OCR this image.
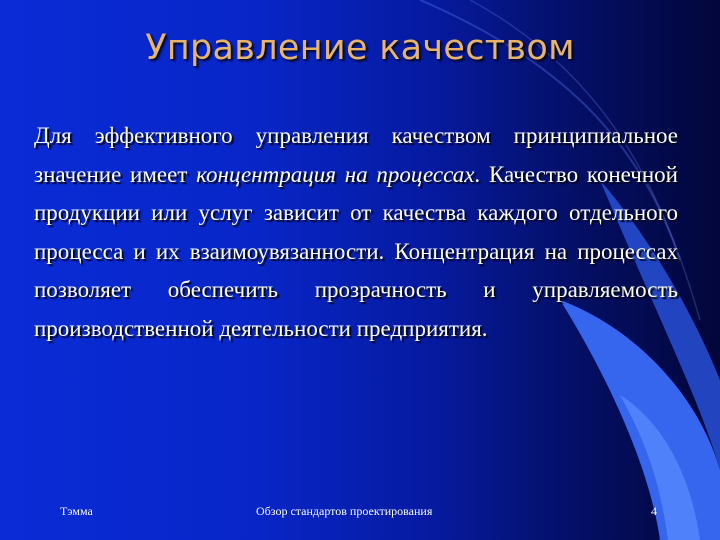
Управление качеством
Для эффективного управления качеством принципиальное значение имеет концентрация на процессах. Качество конечной продукции или услуг зависит от качества каждого отдельного процесса и их взаимоувязанности. Концентрация на процессах позволяет обеспечить прозрачность и управляемость производственной деятельности предприятия.
Тэмма	Обзор стандартов проектирования	4
